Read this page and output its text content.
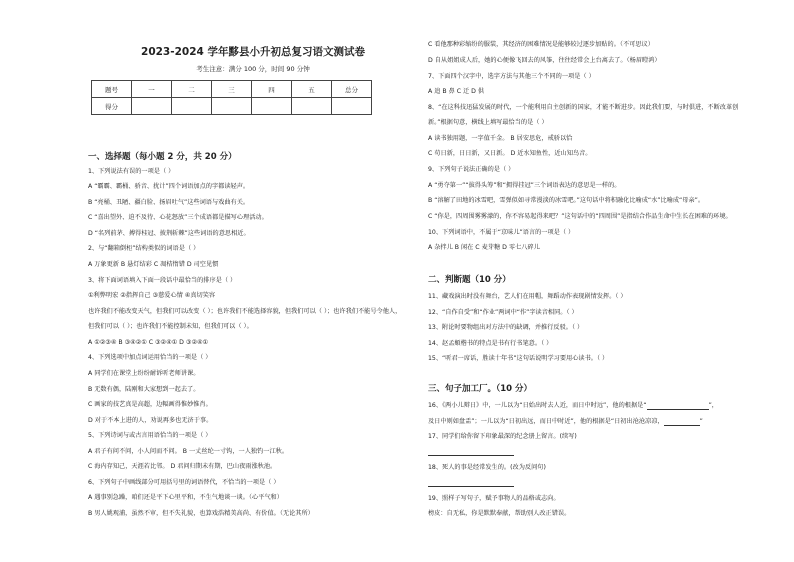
2023-2024 学年黟县小升初总复习语文测试卷
考生注意：满分 100 分，时间 90 分钟
题号	一	二	三	四	五	总分
得分						
一、选择题（每小题 2 分，共 20 分）
1、下列说法有误的一项是（ ）
A “霸霸、霸桶、骄音、扰计”四个词语加点的字都读轻声。
B “亮桶、丑陋、疆白脸、扬眉吐气”这些词语与戏曲有关。
C “喜出望外、迫不及待、心花怒放”三个成语都是描写心理活动。
D “名列前茅、搏得桂冠、披荆斩棘”这些词语的意思相近。
2、与“翻箱倒柜”结构类似的词语是（ ）
A 万象更新 B 悬灯结彩 C 凋桔惰错 D 司空见惯
3、将下面词语填入下面一段话中最恰当的排序是（ ）
①利弊明宏 ②指挥自己 ③慈爱心情 ④真切笑容
也许我们不能改变天气，但我们可以改变（ ）；也许我们不能选择容貌，但我们可以（ ）；也许我们不能号令他人，
但我们可以（ ）；也许我们不能控制未知，但我们可以（ ）。
A ①②③④ B ③④②① C ③②④① D ③②④①
4、下列选项中加点词运用恰当的一项是（ ）
A 同学们在课堂上纷纷耐诉听老师讲课。
B 无数有偶，陆刚和大家想到一起去了。
C 画家的技艺真是高超，边幅画得惟妙惟肖。
D 对于不本上进的人，劝说再多也无济于事。
5、下列诗词与或古言用语恰当的一项是（ ）
A 君子有问不问，小人问而不问。 B 一丈丝纶一寸钩，一人独钓一江秋。
C 海内存知己，天涯若比邻。 D 君问归期未有期，巴山夜雨涨秋池。
6、下列句子中画线部分可用括号里的词语替代，不恰当的一项是（ ）
A 遇事别急躁，咱们还是平下心里平和，不生气地谈一谈。（心平气和）
B 男人姚观浦，虽然不审，但不失礼貌，也算戏浩精美高尚、有价值。（无论其所）
C 看他那种彩缩纷的服装，其经济的困难情况是能够较过逐步加贴的。（不可思议）
D 自从姐姐成人后，她的心便像飞回去的风筝，往往经常会上台离去了。（杨眉瞪鸿）
7、下面四个汉字中，选字方法与其他三个不同的一项是（ ）
A 追 B 鼻 C 迁 D 供
8、“在这科技迅猛发展的时代，一个能利用自主创新的国家，才能不断进步。因此我们要，与时俱进，不断改革创
新。”根据句意，横线上填写最恰当的是（ ）
A 读书独用题，一字值千金。 B 居安思危，戒骄以恰
C 苟日新，日日新，又日新。 D 近水知鱼性，近山知鸟音。
9、下列句子说法正确的是（ ）
A “勇夺第一”“拔得头筹”和“拥得挂冠”三个词语表达的意思是一样的。
B “溶解了田地的冰雪吧，雪弹似如寻常漫淡的冰雪吧。”这句话中将积融化比喻成“水”比喻成“母亲”。
C “你是，四周围雾雾濛的，你不容易起得来吧？”这句话中的“四周围”是指结合作品生命中生长在困难的环境。
10、下列词语中，不属于“京味儿”语言的一项是（ ）
A 杂拌儿 B 闲在 C 麦芽糖 D 零七八碎儿
二、判断题（10 分）
11、藏戏演出时没有舞台，艺人们在用帽，舞蹈动作表现剧情发挥。（ ）
12、“自作自受”和“作业”两词中“作”字读音相同。（ ）
13、附论时要物组出对方法中的缺调，并推行反驳。（ ）
14、赵孟頫楷书的特点是书有行书笔意。（ ）
15、“听君一席话，胜读十年书”这句话说明学习要用心读书。（ ）
三、句子加工厂。（10 分）
16、《两小儿辩日》中，一儿以为“日始出时去人近，而日中时远”，他的根据是“	”，
及日中则如盘盂”；一儿以为“日初出远，而日中时近”，他的根据是“日初出沧沧凉凉，	”
17、同学们给你留下印象最深的纪念册上留言。(续写)
18、死人的事是经常发生的。(改为反问句)
19、照样子写句子，赋予事物人的品格或志向。
榜皮：自无私，你是默默奉献，帮助别人改正错误。
